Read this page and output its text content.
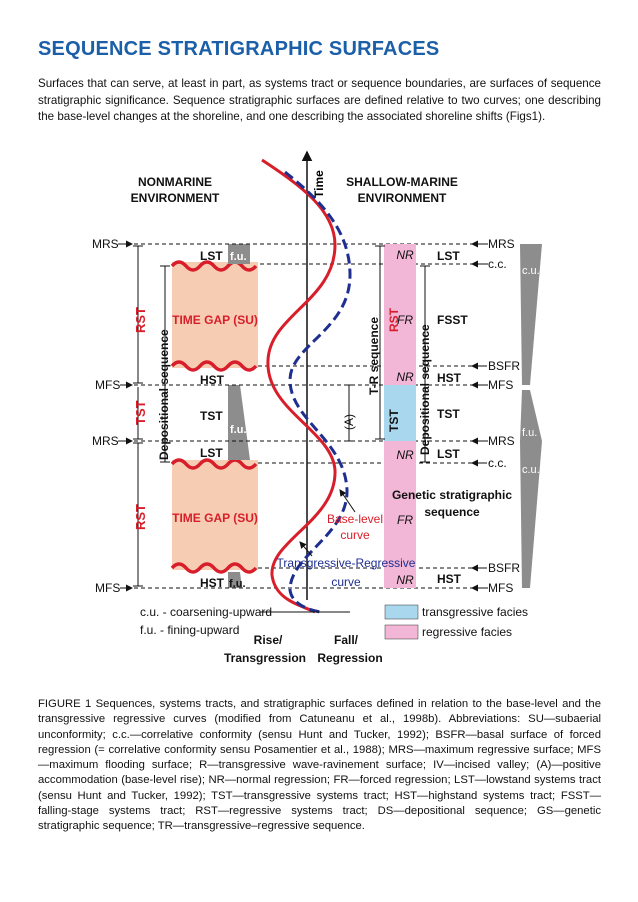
SEQUENCE STRATIGRAPHIC SURFACES

Surfaces that can serve, at least in part, as systems tract or sequence boundaries, are surfaces of sequence stratigraphic significance. Sequence stratigraphic surfaces are defined relative to two curves; one describing the base-level changes at the shoreline, and one describing the associated shoreline shifts (Figs1).

NONMARINE
ENVIRONMENT
SHALLOW-MARINE
ENVIRONMENT
Time
TIME GAP (SU)
TIME GAP (SU)
LST f.u.
HST
TST
f.u.
LST
HST f.u.
MRS
MFS
MRS
MFS
RST
TST
RST
Depositional sequence
NR
FR
NR
NR
FR
NR
(A)
T-R sequence RST
TST Depositional sequence
LST
FSST
HST
TST
LST
HST
Genetic stratigraphic
sequence
MRS
c.c.
BSFR
MFS
MRS
c.c.
BSFR
MFS
c.u.
f.u.
c.u.
Base-level
curve
Transgressive-Regressive
curve
Rise/
Transgression
Fall/
Regression
c.u. - coarsening-upward
f.u. - fining-upward
transgressive facies
regressive facies

FIGURE 1 Sequences, systems tracts, and stratigraphic surfaces defined in relation to the base-level and the transgressive regressive curves (modified from Catuneanu et al., 1998b). Abbreviations: SU—subaerial unconformity; c.c.—correlative conformity (sensu Hunt and Tucker, 1992); BSFR—basal surface of forced regression (= correlative conformity sensu Posamentier et al., 1988); MRS—maximum regressive surface; MFS—maximum flooding surface; R—transgressive wave-ravinement surface; IV—incised valley; (A)—positive accommodation (base-level rise); NR—normal regression; FR—forced regression; LST—lowstand systems tract (sensu Hunt and Tucker, 1992); TST—transgressive systems tract; HST—highstand systems tract; FSST—falling-stage systems tract; RST—regressive systems tract; DS—depositional sequence; GS—genetic stratigraphic sequence; TR—transgressive–regressive sequence.
